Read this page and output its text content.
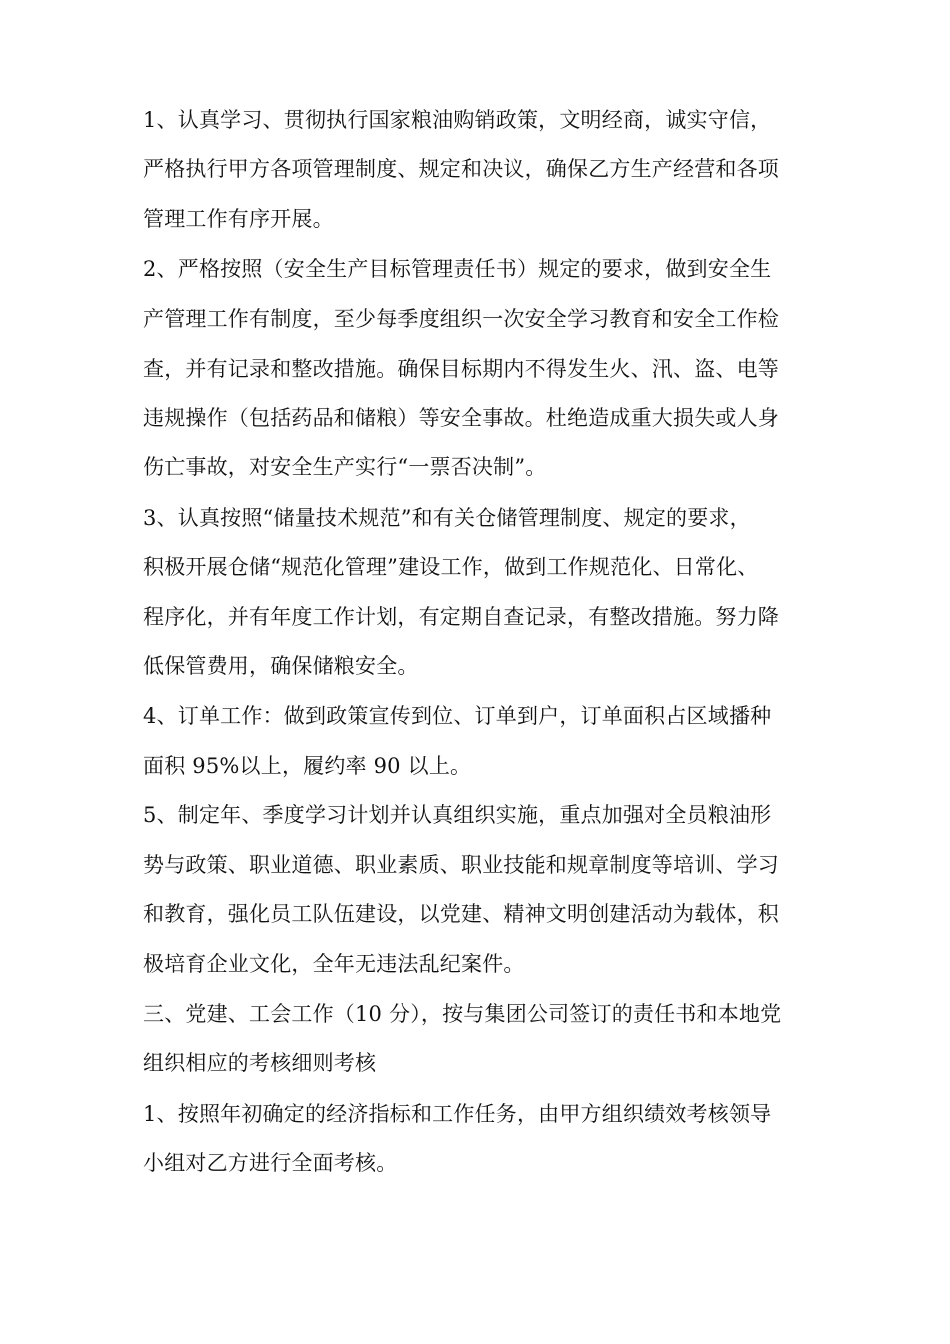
1、认真学习、贯彻执行国家粮油购销政策，文明经商，诚实守信，
严格执行甲方各项管理制度、规定和决议，确保乙方生产经营和各项
管理工作有序开展。
2、严格按照（安全生产目标管理责任书）规定的要求，做到安全生
产管理工作有制度，至少每季度组织一次安全学习教育和安全工作检
查，并有记录和整改措施。确保目标期内不得发生火、汛、盗、电等
违规操作（包括药品和储粮）等安全事故。杜绝造成重大损失或人身
伤亡事故，对安全生产实行“一票否决制”。
3、认真按照“储量技术规范”和有关仓储管理制度、规定的要求，
积极开展仓储“规范化管理”建设工作，做到工作规范化、日常化、
程序化，并有年度工作计划，有定期自查记录，有整改措施。努力降
低保管费用，确保储粮安全。
4、订单工作：做到政策宣传到位、订单到户，订单面积占区域播种
面积 95%以上，履约率 90 以上。
5、制定年、季度学习计划并认真组织实施，重点加强对全员粮油形
势与政策、职业道德、职业素质、职业技能和规章制度等培训、学习
和教育，强化员工队伍建设，以党建、精神文明创建活动为载体，积
极培育企业文化，全年无违法乱纪案件。
三、党建、工会工作（10 分），按与集团公司签订的责任书和本地党
组织相应的考核细则考核
1、按照年初确定的经济指标和工作任务，由甲方组织绩效考核领导
小组对乙方进行全面考核。
